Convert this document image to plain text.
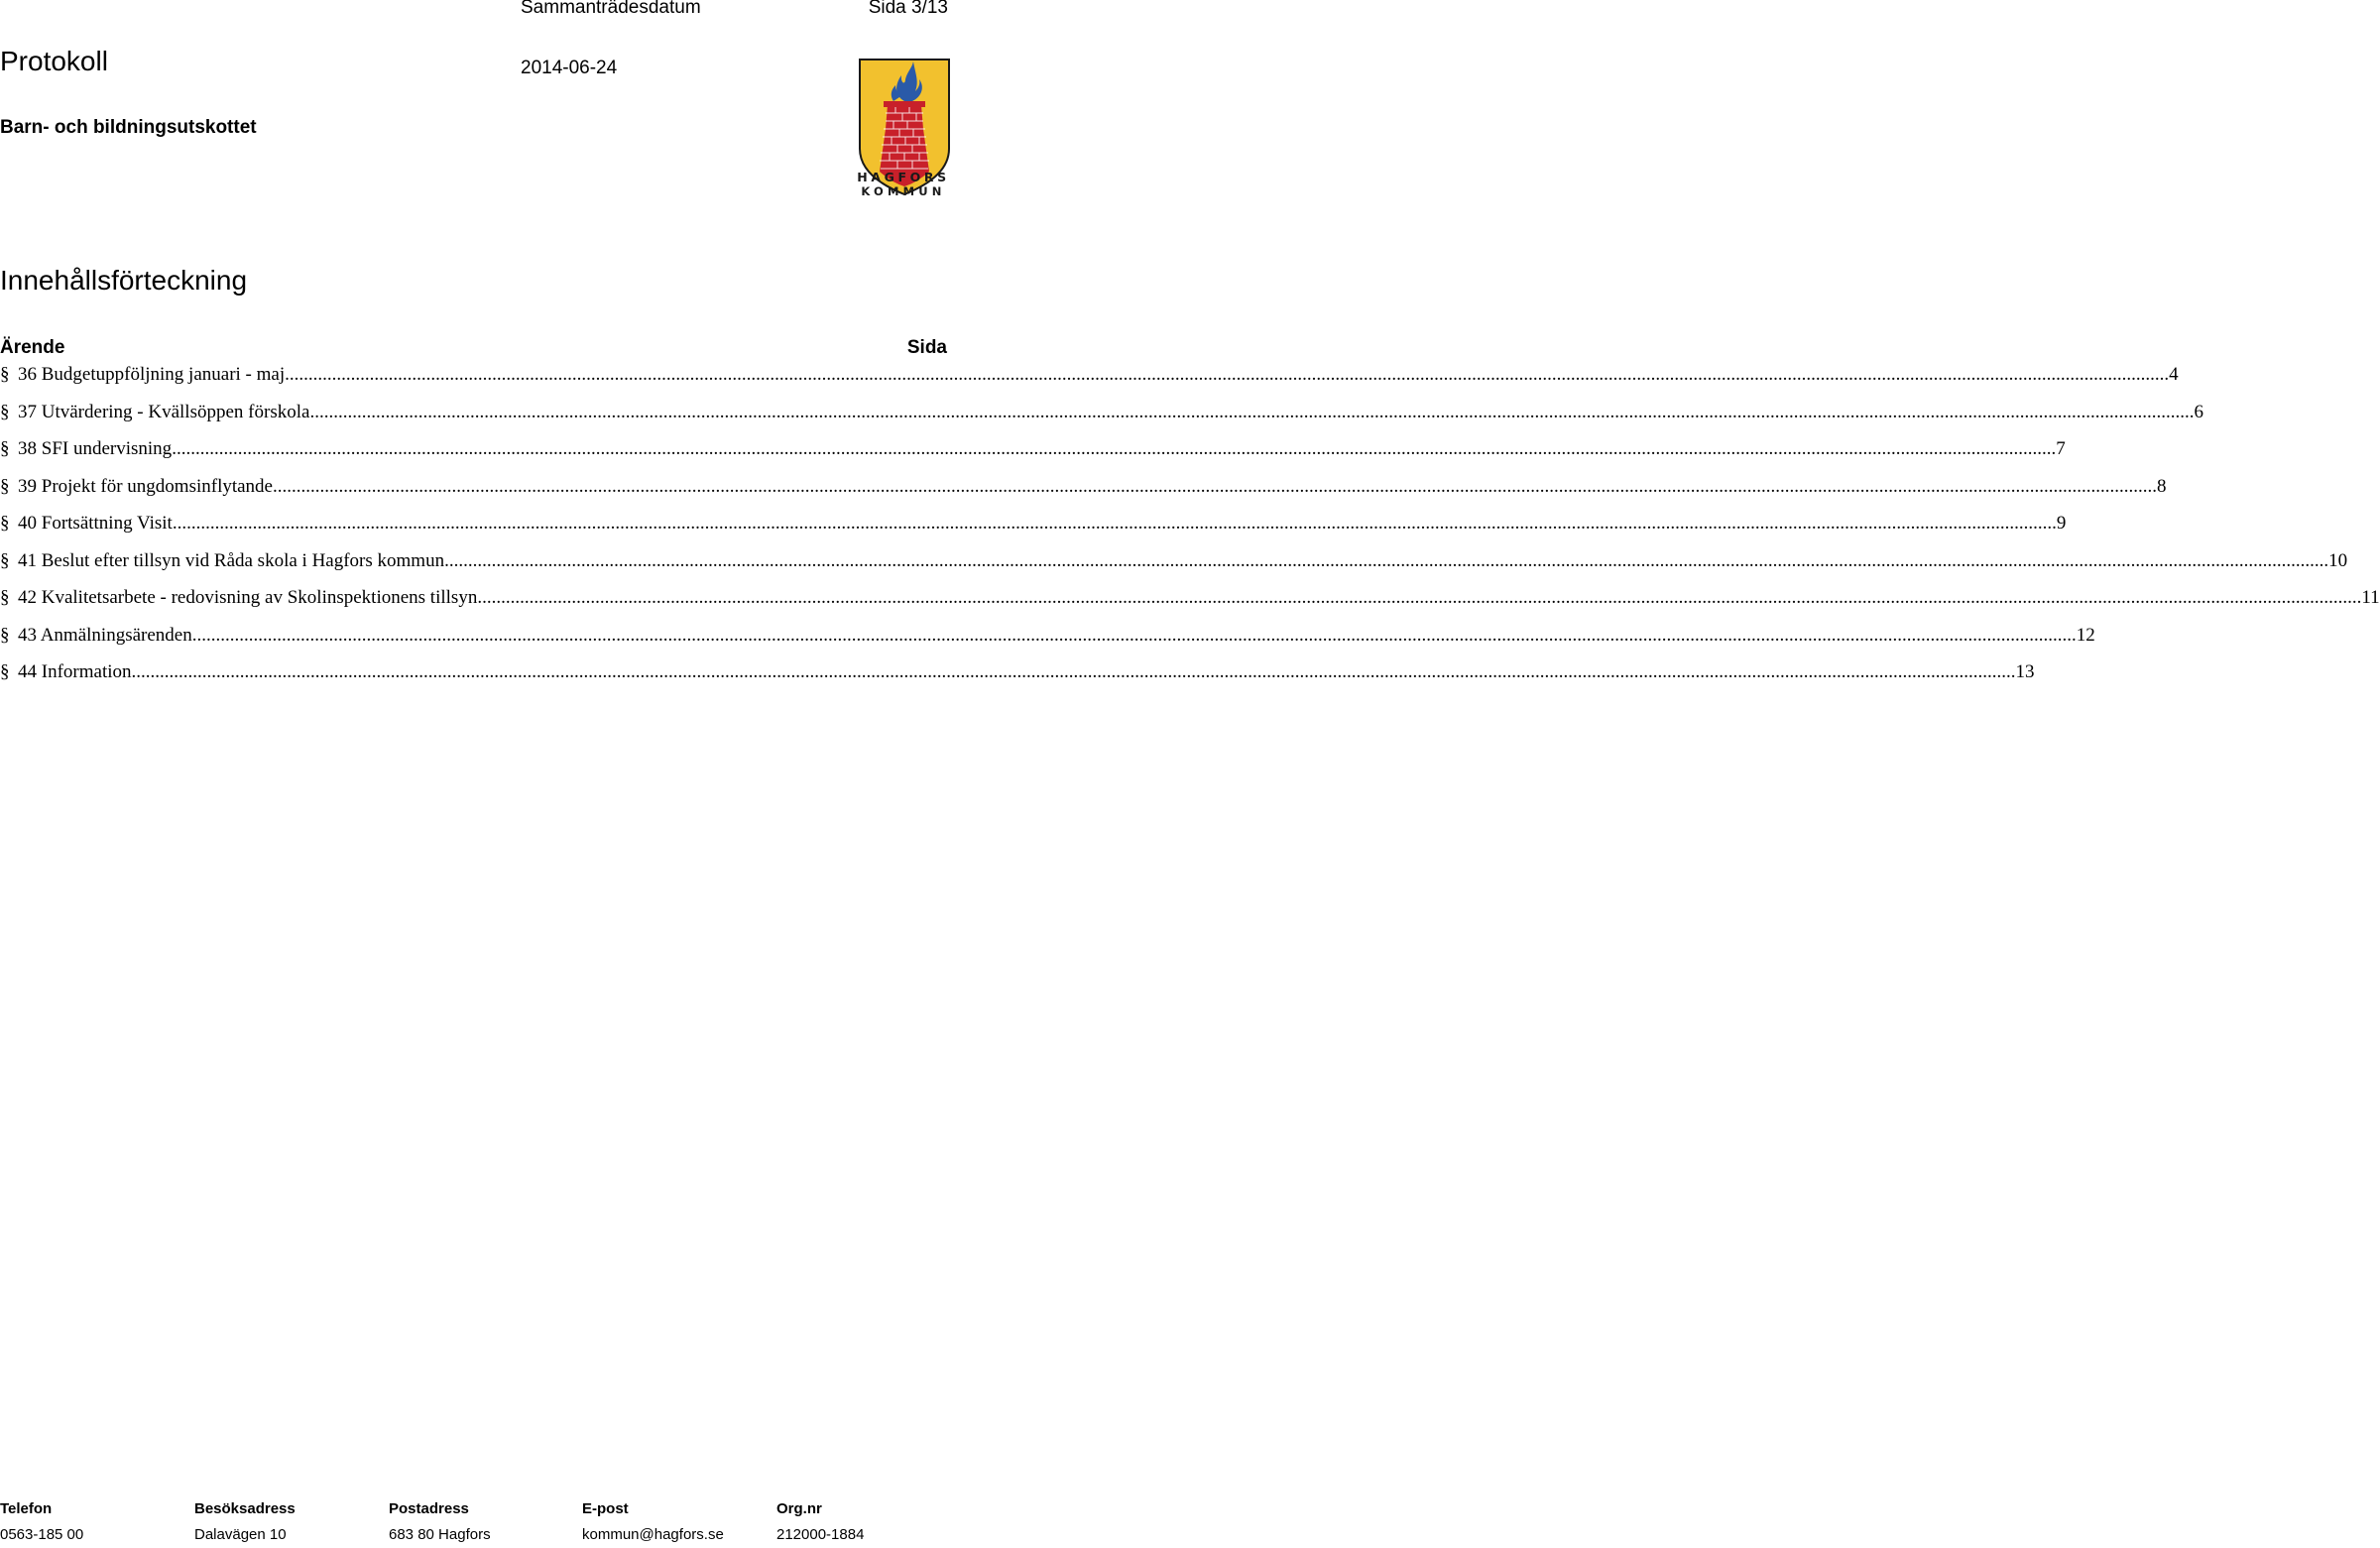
Sammanträdesdatum	Sida 3/13
Protokoll	2014-06-24
Barn- och bildningsutskottet
HAGFORS
KOMMUN
Innehållsförteckning
Ärende	Sida
§ 36 Budgetuppföljning januari - maj ................................................................................................................................................................................................................................................................................................................................................................................................................ 4
§ 37 Utvärdering - Kvällsöppen förskola ................................................................................................................................................................................................................................................................................................................................................................................................................ 6
§ 38 SFI undervisning ................................................................................................................................................................................................................................................................................................................................................................................................................ 7
§ 39 Projekt för ungdomsinflytande ................................................................................................................................................................................................................................................................................................................................................................................................................ 8
§ 40 Fortsättning Visit ................................................................................................................................................................................................................................................................................................................................................................................................................ 9
§ 41 Beslut efter tillsyn vid Råda skola i Hagfors kommun ................................................................................................................................................................................................................................................................................................................................................................................................................ 10
§ 42 Kvalitetsarbete - redovisning av Skolinspektionens tillsyn ................................................................................................................................................................................................................................................................................................................................................................................................................ 11
§ 43 Anmälningsärenden ................................................................................................................................................................................................................................................................................................................................................................................................................ 12
§ 44 Information ................................................................................................................................................................................................................................................................................................................................................................................................................ 13
Telefon	Besöksadress	Postadress	E-post	Org.nr
0563-185 00	Dalavägen 10	683 80 Hagfors	kommun@hagfors.se	212000-1884
